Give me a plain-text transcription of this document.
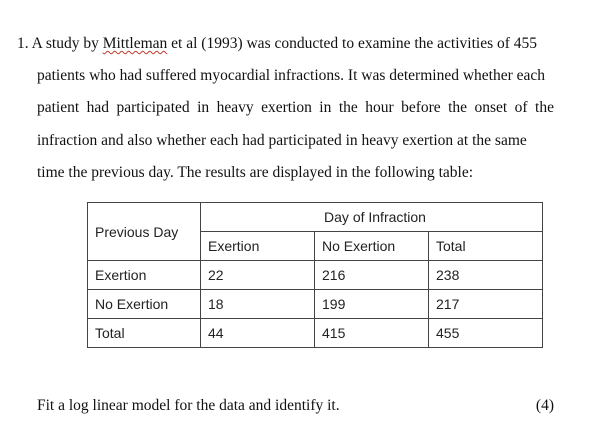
1. A study by Mittleman et al (1993) was conducted to examine the activities of 455
patients who had suffered myocardial infractions. It was determined whether each
patient had participated in heavy exertion in the hour before the onset of the
infraction and also whether each had participated in heavy exertion at the same
time the previous day. The results are displayed in the following table:
Previous Day	Day of Infraction		
	Exertion	No Exertion	Total
Exertion	22	216	238
No Exertion	18	199	217
Total	44	415	455
Fit a log linear model for the data and identify it.	(4)
